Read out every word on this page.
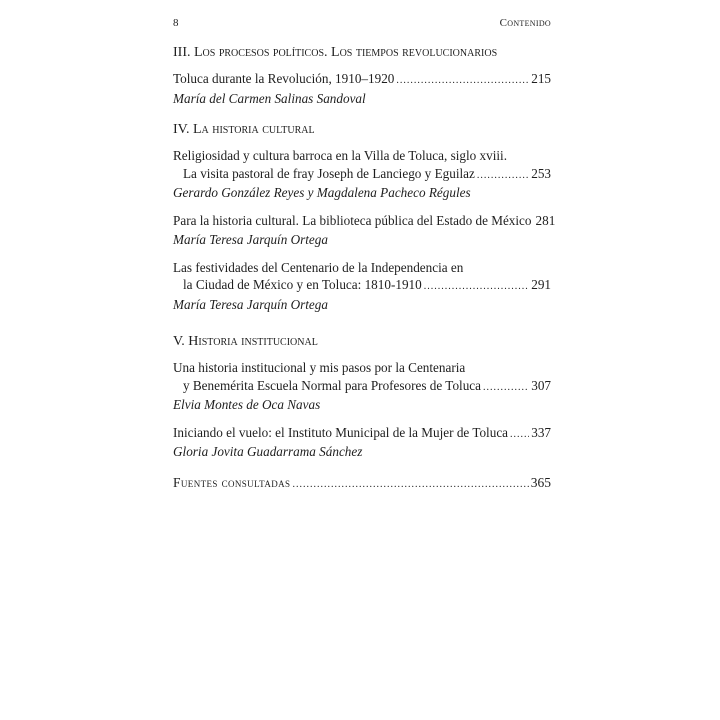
8	Contenido
III. Los procesos políticos. Los tiempos revolucionarios
Toluca durante la Revolución, 1910–1920 .....	215
María del Carmen Salinas Sandoval
IV. La historia cultural
Religiosidad y cultura barroca en la Villa de Toluca, siglo xviii.
La visita pastoral de fray Joseph de Lanciego y Eguilaz .....	253
Gerardo González Reyes y Magdalena Pacheco Régules
Para la historia cultural. La biblioteca pública del Estado de México 281
María Teresa Jarquín Ortega
Las festividades del Centenario de la Independencia en
la Ciudad de México y en Toluca: 1810-1910 .....	291
María Teresa Jarquín Ortega
V. Historia institucional
Una historia institucional y mis pasos por la Centenaria
y Benemérita Escuela Normal para Profesores de Toluca .....	307
Elvia Montes de Oca Navas
Iniciando el vuelo: el Instituto Municipal de la Mujer de Toluca ..... 337
Gloria Jovita Guadarrama Sánchez
Fuentes consultadas .....	365
